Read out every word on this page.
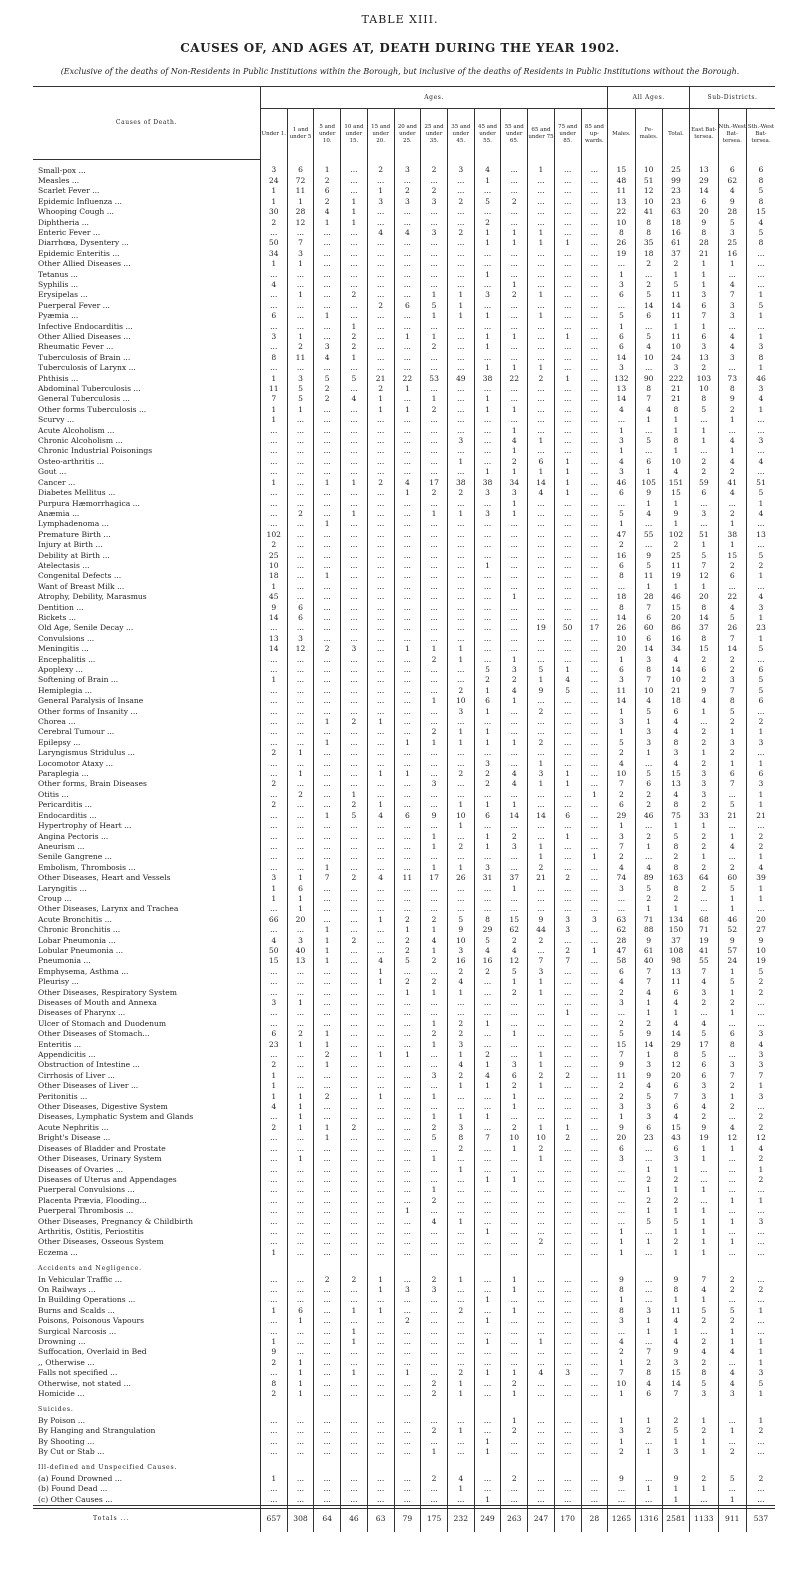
TABLE XIII.
CAUSES OF, AND AGES AT, DEATH DURING THE YEAR 1902.
(Exclusive of the deaths of Non-Residents in Public Institutions within the Borough, but inclusive of the deaths of Residents in Public Institutions without the Borough.
Causes of Death.	Ages.													All Ages.			Sub-Districts.		
	Under 1.	1 and under 5	5 and under 10.	10 and under 15.	15 and under 20.	20 and under 25.	25 and under 35.	35 and under 45.	45 and under 55.	55 and under 65.	65 and under 75	75 and under 85.	85 and up-wards.	Males.	Fe-males.	Total.	East Bat-tersea.	Nth.-West Bat-tersea.	Sth.-West Bat-tersea.
Small-pox ...	3	6	1	...	2	3	2	3	4	...	1	...	...	15	10	25	13	6	6
Measles ...	24	72	2	...	...	...	...	...	1	...	...	...	...	48	51	99	29	62	8
Scarlet Fever ...	1	11	6	...	1	2	2	...	...	...	...	...	...	11	12	23	14	4	5
Epidemic Influenza ...	1	1	2	1	3	3	3	2	5	2	...	...	...	13	10	23	6	9	8
Whooping Cough ...	30	28	4	1	...	...	...	...	...	...	...	...	...	22	41	63	20	28	15
Diphtheria ...	2	12	1	1	...	...	...	...	2	...	...	...	...	10	8	18	9	5	4
Enteric Fever ...	...	...	...	...	4	4	3	2	1	1	1	...	...	8	8	16	8	3	5
Diarrhœa, Dysentery ...	50	7	...	...	...	...	...	...	1	1	1	1	...	26	35	61	28	25	8
Epidemic Enteritis ...	34	3	...	...	...	...	...	...	...	...	...	...	...	19	18	37	21	16	...
Other Allied Diseases ...	1	1	...	...	...	...	...	...	...	...	...	...	...	...	2	2	1	1	...
Tetanus ...	...	...	...	...	...	...	...	...	1	...	...	...	...	1	...	1	1	...	...
Syphilis ...	4	...	...	...	...	...	...	...	...	1	...	...	...	3	2	5	1	4	...
Erysipelas ...	...	1	...	2	...	...	1	1	3	2	1	...	...	6	5	11	3	7	1
Puerperal Fever ...	...	...	...	...	2	6	5	1	...	...	...	...	...	...	14	14	6	3	5
Pyæmia ...	6	...	1	...	...	...	1	1	1	...	1	...	...	5	6	11	7	3	1
Infective Endocarditis ...	...	...	...	1	...	...	...	...	...	...	...	...	...	1	...	1	1	...	...
Other Allied Diseases ...	3	1	...	2	...	1	1	...	1	1	...	1	...	6	5	11	6	4	1
Rheumatic Fever ...	...	2	3	2	...	...	2	...	1	...	...	...	...	6	4	10	3	4	3
Tuberculosis of Brain ...	8	11	4	1	...	...	...	...	...	...	...	...	...	14	10	24	13	3	8
Tuberculosis of Larynx ...	...	...	...	...	...	...	...	...	1	1	1	...	...	3	...	3	2	...	1
Phthisis ...	1	3	5	5	21	22	53	49	38	22	2	1	...	132	90	222	103	73	46
Abdominal Tuberculosis ...	11	5	2	...	2	1	...	...	...	...	...	...	...	13	8	21	10	8	3
General Tuberculosis ...	7	5	2	4	1	...	1	...	1	...	...	...	...	14	7	21	8	9	4
Other forms Tuberculosis ...	1	1	...	...	1	1	2	...	1	1	...	...	...	4	4	8	5	2	1
Scurvy ...	1	...	...	...	...	...	...	...	...	...	...	...	...	...	1	1	...	1	...
Acute Alcoholism ...	...	...	...	...	...	...	...	...	...	1	...	...	...	1	...	1	1	...	...
Chronic Alcoholism ...	...	...	...	...	...	...	...	3	...	4	1	...	...	3	5	8	1	4	3
Chronic Industrial Poisonings	...	...	...	...	...	...	...	...	...	1	...	...	...	1	...	1	...	1	...
Osteo-arthritis ...	...	...	...	...	...	...	...	1	...	2	6	1	...	4	6	10	2	4	4
Gout ...	...	...	...	...	...	...	...	...	1	1	1	1	...	3	1	4	2	2	...
Cancer ...	1	...	1	1	2	4	17	38	38	34	14	1	...	46	105	151	59	41	51
Diabetes Mellitus ...	...	...	...	...	...	1	2	2	3	3	4	1	...	6	9	15	6	4	5
Purpura Hæmorrhagica ...	...	...	...	...	...	...	...	...	...	1	...	...	...	...	1	1	...	...	1
Anæmia ...	...	2	...	1	...	...	1	1	3	1	...	...	...	5	4	9	3	2	4
Lymphadenoma ...	...	...	1	...	...	...	...	...	...	...	...	...	...	1	...	1	...	1	...
Premature Birth ...	102	...	...	...	...	...	...	...	...	...	...	...	...	47	55	102	51	38	13
Injury at Birth ...	2	...	...	...	...	...	...	...	...	...	...	...	...	2	...	2	1	1	...
Debility at Birth ...	25	...	...	...	...	...	...	...	...	...	...	...	...	16	9	25	5	15	5
Atelectasis ...	10	...	...	...	...	...	...	...	1	...	...	...	...	6	5	11	7	2	2
Congenital Defects ...	18	...	1	...	...	...	...	...	...	...	...	...	...	8	11	19	12	6	1
Want of Breast Milk ...	1	...	...	...	...	...	...	...	...	...	...	...	...	...	1	1	1	...	...
Atrophy, Debility, Marasmus	45	...	...	...	...	...	...	...	...	1	...	...	...	18	28	46	20	22	4
Dentition ...	9	6	...	...	...	...	...	...	...	...	...	...	...	8	7	15	8	4	3
Rickets ...	14	6	...	...	...	...	...	...	...	...	...	...	...	14	6	20	14	5	1
Old Age, Senile Decay ...	...	...	...	...	...	...	...	...	...	...	19	50	17	26	60	86	37	26	23
Convulsions ...	13	3	...	...	...	...	...	...	...	...	...	...	...	10	6	16	8	7	1
Meningitis ...	14	12	2	3	...	1	1	1	...	...	...	...	...	20	14	34	15	14	5
Encephalitis ...	...	...	...	...	...	...	2	1	...	1	...	...	...	1	3	4	2	2	...
Apoplexy ...	...	...	...	...	...	...	...	...	5	3	5	1	...	6	8	14	6	2	6
Softening of Brain ...	1	...	...	...	...	...	...	...	2	2	1	4	...	3	7	10	2	3	5
Hemiplegia ...	...	...	...	...	...	...	...	2	1	4	9	5	...	11	10	21	9	7	5
General Paralysis of Insane	...	...	...	...	...	...	1	10	6	1	...	...	...	14	4	18	4	8	6
Other forms of Insanity ...	...	...	...	...	...	...	...	3	1	...	2	...	...	1	5	6	1	5	...
Chorea ...	...	...	1	2	1	...	...	...	...	...	...	...	...	3	1	4	...	2	2
Cerebral Tumour ...	...	...	...	...	...	...	2	1	1	...	...	...	...	1	3	4	2	1	1
Epilepsy ...	...	...	1	...	...	1	1	1	1	1	2	...	...	5	3	8	2	3	3
Laryngismus Stridulus ...	2	1	...	...	...	...	...	...	...	...	...	...	...	2	1	3	1	2	...
Locomotor Ataxy ...	...	...	...	...	...	...	...	...	3	...	1	...	...	4	...	4	2	1	1
Paraplegia ...	...	1	...	...	1	1	...	2	2	4	3	1	...	10	5	15	3	6	6
Other forms, Brain Diseases	2	...	...	...	...	...	3	...	2	4	1	1	...	7	6	13	3	7	3
Otitis ...	...	2	...	1	...	...	...	...	...	...	...	...	1	2	2	4	3	...	1
Pericarditis ...	2	...	...	2	1	...	...	1	1	1	...	...	...	6	2	8	2	5	1
Endocarditis ...	...	...	1	5	4	6	9	10	6	14	14	6	...	29	46	75	33	21	21
Hypertrophy of Heart ...	...	...	...	...	...	...	...	1	...	...	...	...	...	1	...	1	1	...	...
Angina Pectoris ...	...	...	...	...	...	...	1	...	1	2	...	1	...	3	2	5	2	1	2
Aneurism ...	...	...	...	...	...	...	1	2	1	3	1	...	...	7	1	8	2	4	2
Senile Gangrene ...	...	...	...	...	...	...	...	...	...	...	1	...	1	2	...	2	1	...	1
Embolism, Thrombosis ...	...	...	1	...	...	...	1	1	3	...	2	...	...	4	4	8	2	2	4
Other Diseases, Heart and Vessels	3	1	7	2	4	11	17	26	31	37	21	2	...	74	89	163	64	60	39
Laryngitis ...	1	6	...	...	...	...	...	...	...	1	...	...	...	3	5	8	2	5	1
Croup ...	1	1	...	...	...	...	...	...	...	...	...	...	...	...	2	2	...	1	1
Other Diseases, Larynx and Trachea	...	1	...	...	...	...	...	...	...	...	...	...	...	...	1	1	...	1	...
Acute Bronchitis ...	66	20	...	...	1	2	2	5	8	15	9	3	3	63	71	134	68	46	20
Chronic Bronchitis ...	...	...	1	...	...	1	1	9	29	62	44	3	...	62	88	150	71	52	27
Lobar Pneumonia ...	4	3	1	2	...	2	4	10	5	2	2	...	...	28	9	37	19	9	9
Lobular Pneumonia ...	50	40	1	...	...	2	1	3	4	4	...	2	1	47	61	108	41	57	10
Pneumonia ...	15	13	1	...	4	5	2	16	16	12	7	7	...	58	40	98	55	24	19
Emphysema, Asthma ...	...	...	...	...	1	...	...	2	2	5	3	...	...	6	7	13	7	1	5
Pleurisy ...	...	...	...	...	1	2	2	4	...	1	1	...	...	4	7	11	4	5	2
Other Diseases, Respiratory System	...	...	...	...	...	1	1	1	...	2	1	...	...	2	4	6	3	1	2
Diseases of Mouth and Annexa	3	1	...	...	...	...	...	...	...	...	...	...	...	3	1	4	2	2	...
Diseases of Pharynx ...	...	...	...	...	...	...	...	...	...	...	...	1	...	...	1	1	...	1	...
Ulcer of Stomach and Duodenum	...	...	...	...	...	...	1	2	1	...	...	...	...	2	2	4	4	...	...
Other Diseases of Stomach...	6	2	1	...	...	...	2	2	...	1	...	...	...	5	9	14	5	6	3
Enteritis ...	23	1	1	...	...	...	1	3	...	...	...	...	...	15	14	29	17	8	4
Appendicitis ...	...	...	2	...	1	1	...	1	2	...	1	...	...	7	1	8	5	...	3
Obstruction of Intestine ...	2	...	1	...	...	...	...	4	1	3	1	...	...	9	3	12	6	3	3
Cirrhosis of Liver ...	1	...	...	...	...	...	3	2	4	6	2	2	...	11	9	20	6	7	7
Other Diseases of Liver ...	1	...	...	...	...	...	...	1	1	2	1	...	...	2	4	6	3	2	1
Peritonitis ...	1	1	2	...	1	...	1	...	...	1	...	...	...	2	5	7	3	1	3
Other Diseases, Digestive System	4	1	...	...	...	...	...	...	...	1	...	...	...	3	3	6	4	2	...
Diseases, Lymphatic System and Glands	...	1	...	...	...	...	1	1	1	...	...	...	...	1	3	4	2	...	2
Acute Nephritis ...	2	1	1	2	...	...	2	3	...	2	1	1	...	9	6	15	9	4	2
Bright's Disease ...	...	...	1	...	...	...	5	8	7	10	10	2	...	20	23	43	19	12	12
Diseases of Bladder and Prostate	...	...	...	...	...	...	...	2	...	1	2	...	...	6	...	6	1	1	4
Other Diseases, Urinary System	...	1	...	...	...	...	1	...	...	...	1	...	...	3	...	3	1	...	2
Diseases of Ovaries ...	...	...	...	...	...	...	...	1	...	...	...	...	...	...	1	1	...	...	1
Diseases of Uterus and Appendages	...	...	...	...	...	...	...	...	1	1	...	...	...	...	2	2	...	...	2
Puerperal Convulsions ...	...	...	...	...	...	...	1	...	...	...	...	...	...	...	1	1	1	...	...
Placenta Prævia, Flooding...	...	...	...	...	...	...	2	...	...	...	...	...	...	...	2	2	...	1	1
Puerperal Thrombosis ...	...	...	...	...	...	1	...	...	...	...	...	...	...	...	1	1	1	...	...
Other Diseases, Pregnancy & Childbirth	...	...	...	...	...	...	4	1	...	...	...	...	...	...	5	5	1	1	3
Arthritis, Ostitis, Periostitis	...	...	...	...	...	...	...	...	1	...	...	...	...	1	...	1	1	...	...
Other Diseases, Osseous System	...	...	...	...	...	...	...	...	...	...	2	...	...	1	1	2	1	1	...
Eczema ...	1	...	...	...	...	...	...	...	...	...	...	...	...	1	...	1	1	...	...
Accidents and Negligence.																			
In Vehicular Traffic ...	...	...	2	2	1	...	2	1	...	1	...	...	...	9	...	9	7	2	...
On Railways ...	...	...	...	...	1	3	3	...	...	1	...	...	...	8	...	8	4	2	2
In Building Operations ...	...	...	...	...	...	...	...	...	1	...	...	...	...	1	...	1	1	...	...
Burns and Scalds ...	1	6	...	1	1	...	...	2	...	1	...	...	...	8	3	11	5	5	1
Poisons, Poisonous Vapours	...	1	...	...	...	2	...	...	1	...	...	...	...	3	1	4	2	2	...
Surgical Narcosis ...	...	...	...	1	...	...	...	...	...	...	...	...	...	...	1	1	...	1	...
Drowning ...	1	...	...	1	...	...	...	...	1	...	1	...	...	4	...	4	2	1	1
Suffocation, Overlaid in Bed	9	...	...	...	...	...	...	...	...	...	...	...	...	2	7	9	4	4	1
,, Otherwise ...	2	1	...	...	...	...	...	...	...	...	...	...	...	1	2	3	2	...	1
Falls not specified ...	...	1	...	1	...	1	...	2	1	1	4	3	...	7	8	15	8	4	3
Otherwise, not stated ...	8	1	...	...	...	...	2	1	...	2	...	...	...	10	4	14	5	4	5
Homicide ...	2	1	...	...	...	...	2	1	...	1	...	...	...	1	6	7	3	3	1
Suicides.																			
By Poison ...	...	...	...	...	...	...	...	...	...	1	...	...	...	1	1	2	1	...	1
By Hanging and Strangulation	...	...	...	...	...	...	2	1	...	2	...	...	...	3	2	5	2	1	2
By Shooting ...	...	...	...	...	...	...	...	...	1	...	...	...	...	1	...	1	1	...	...
By Cut or Stab ...	...	...	...	...	...	...	1	...	1	...	...	...	...	2	1	3	1	2	...
Ill-defined and Unspecified Causes.																			
(a) Found Drowned ...	1	...	...	...	...	...	2	4	...	2	...	...	...	9	...	9	2	5	2
(b) Found Dead ...	...	...	...	...	...	...	...	1	...	...	...	...	...	...	1	1	1	...	...
(c) Other Causes ...	...	...	...	...	...	...	...	...	1	...	...	...	...	...	...	1	...	1	...
Totals ...	657	308	64	46	63	79	175	232	249	263	247	170	28	1265	1316	2581	1133	911	537
